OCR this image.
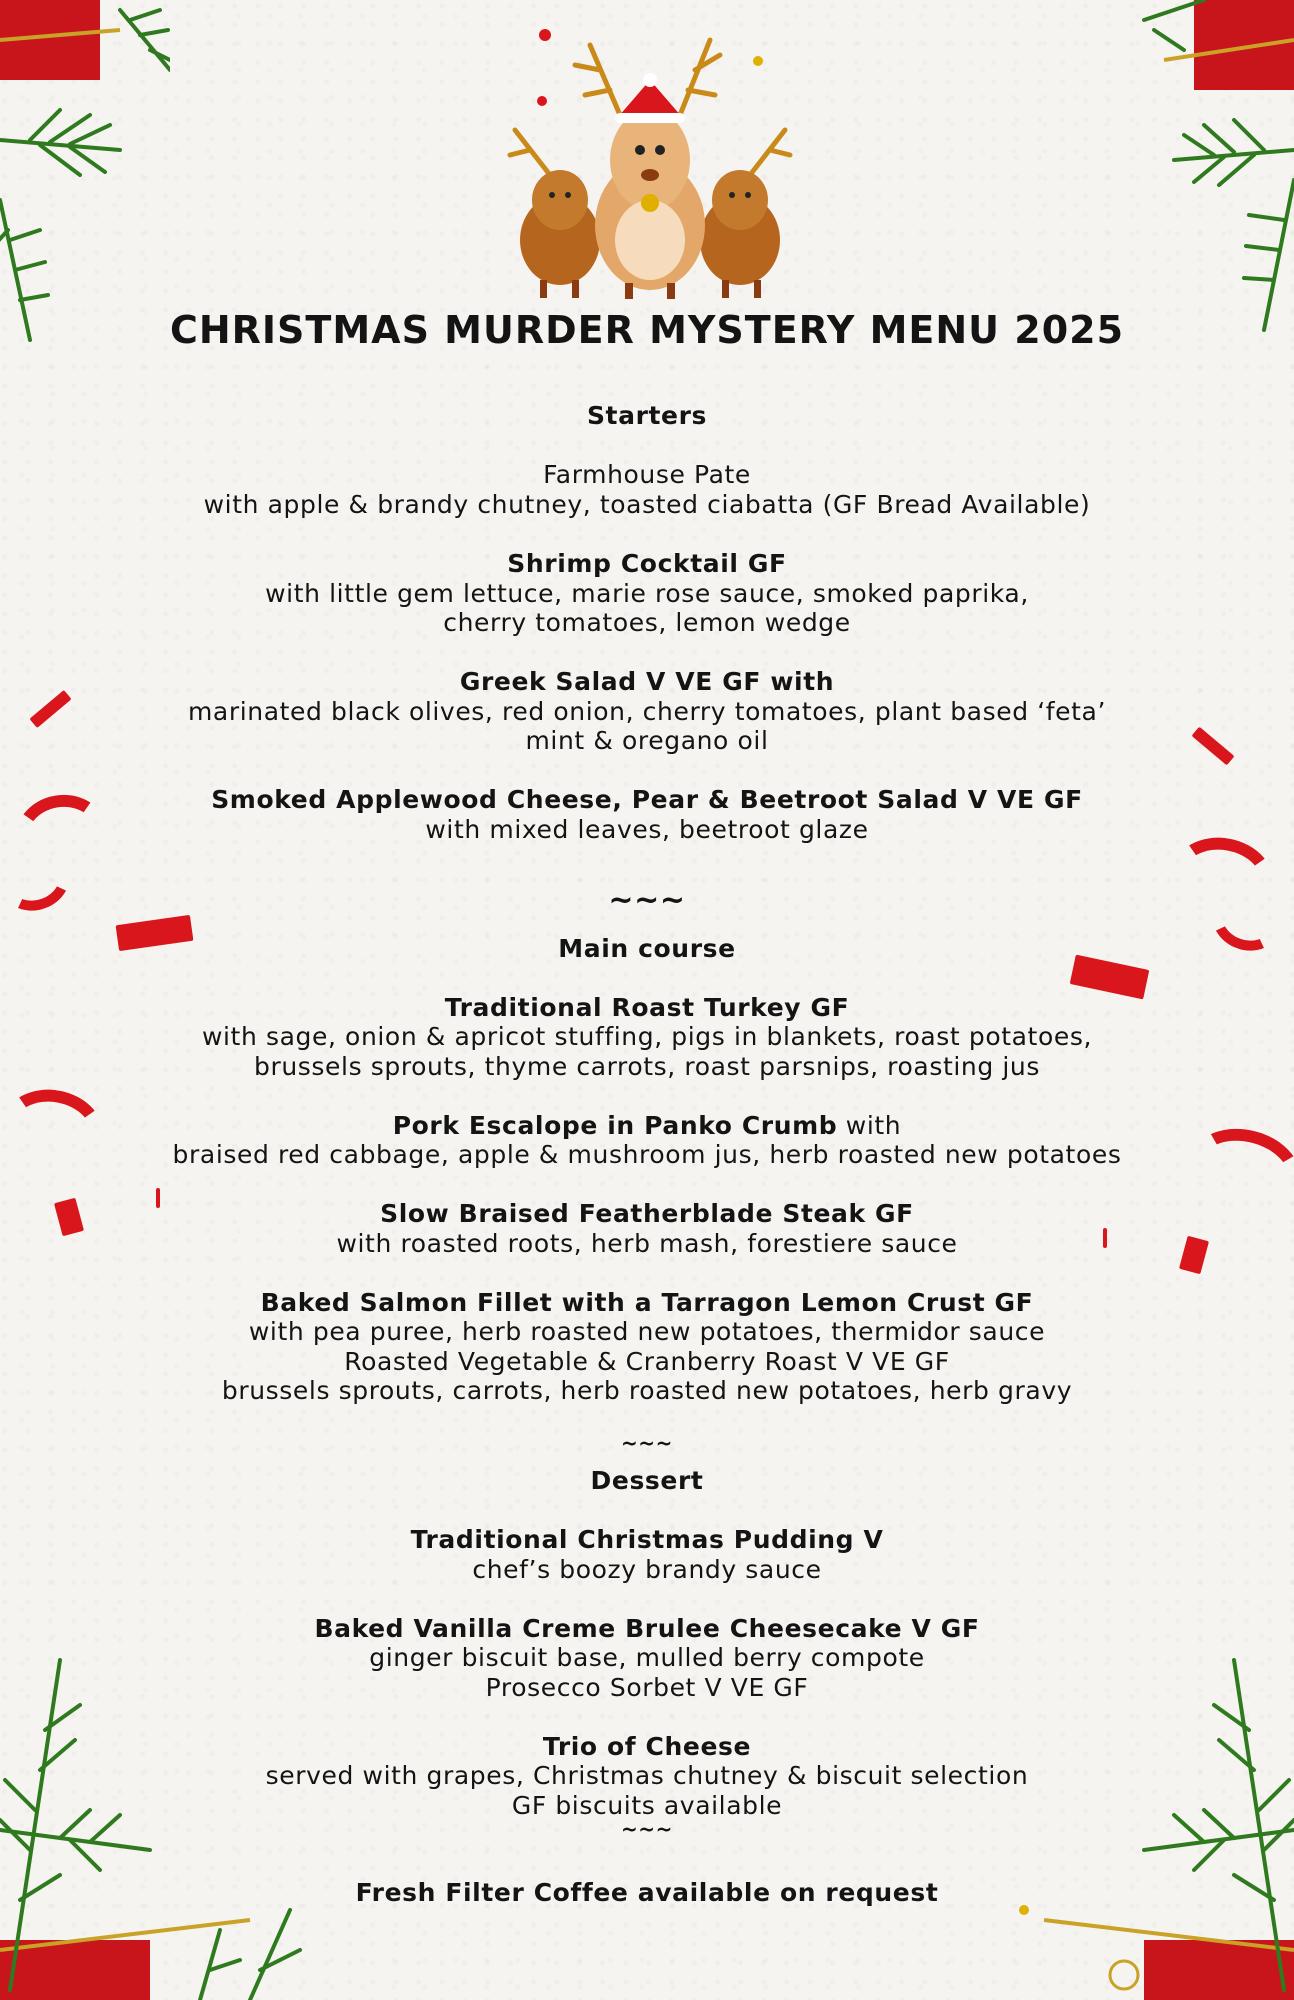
CHRISTMAS MURDER MYSTERY MENU 2025
Starters
Farmhouse Pate
with apple & brandy chutney, toasted ciabatta (GF Bread Available)
Shrimp Cocktail GF
with little gem lettuce, marie rose sauce, smoked paprika,
cherry tomatoes, lemon wedge
Greek Salad V VE GF with
marinated black olives, red onion, cherry tomatoes, plant based ‘feta’
mint & oregano oil
Smoked Applewood Cheese, Pear & Beetroot Salad V VE GF
with mixed leaves, beetroot glaze
~~~
Main course
Traditional Roast Turkey GF
with sage, onion & apricot stuffing, pigs in blankets, roast potatoes,
brussels sprouts, thyme carrots, roast parsnips, roasting jus
Pork Escalope in Panko Crumb with
braised red cabbage, apple & mushroom jus, herb roasted new potatoes
Slow Braised Featherblade Steak GF
with roasted roots, herb mash, forestiere sauce
Baked Salmon Fillet with a Tarragon Lemon Crust GF
with pea puree, herb roasted new potatoes, thermidor sauce
Roasted Vegetable & Cranberry Roast V VE GF
brussels sprouts, carrots, herb roasted new potatoes, herb gravy
~~~
Dessert
Traditional Christmas Pudding V
chef’s boozy brandy sauce
Baked Vanilla Creme Brulee Cheesecake V GF
ginger biscuit base, mulled berry compote
Prosecco Sorbet V VE GF
Trio of Cheese
served with grapes, Christmas chutney & biscuit selection
GF biscuits available
~~~
Fresh Filter Coffee available on request
